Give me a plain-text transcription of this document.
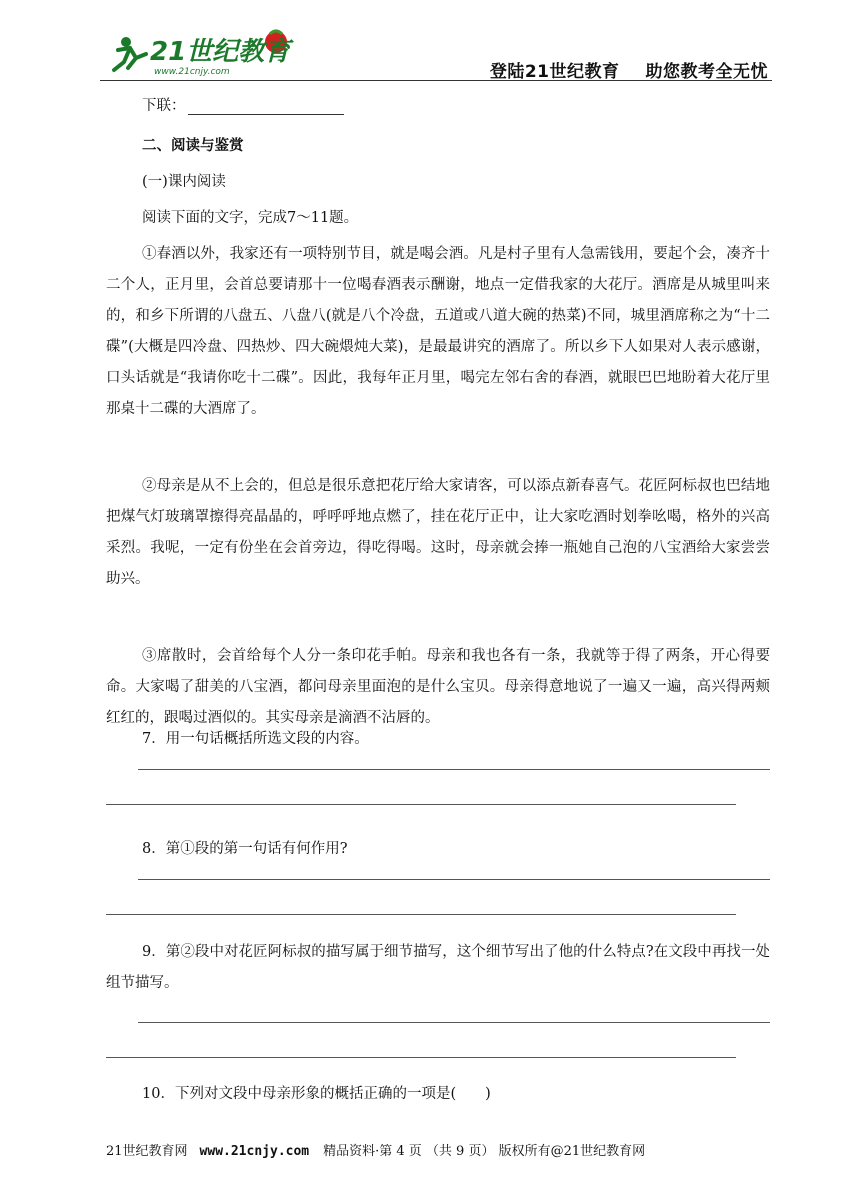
21世纪教育
www.21cnjy.com	登陆21世纪教育 助您教考全无忧
下联：
二、阅读与鉴赏
(一)课内阅读
阅读下面的文字，完成7～11题。
①春酒以外，我家还有一项特别节目，就是喝会酒。凡是村子里有人急需钱用，要起个会，凑齐十二个人，正月里，会首总要请那十一位喝春酒表示酬谢，地点一定借我家的大花厅。酒席是从城里叫来的，和乡下所谓的八盘五、八盘八(就是八个冷盘，五道或八道大碗的热菜)不同，城里酒席称之为“十二碟”(大概是四冷盘、四热炒、四大碗煨炖大菜)，是最最讲究的酒席了。所以乡下人如果对人表示感谢，口头话就是“我请你吃十二碟”。因此，我每年正月里，喝完左邻右舍的春酒，就眼巴巴地盼着大花厅里那桌十二碟的大酒席了。
②母亲是从不上会的，但总是很乐意把花厅给大家请客，可以添点新春喜气。花匠阿标叔也巴结地把煤气灯玻璃罩擦得亮晶晶的，呼呼呼地点燃了，挂在花厅正中，让大家吃酒时划拳吆喝，格外的兴高采烈。我呢，一定有份坐在会首旁边，得吃得喝。这时，母亲就会捧一瓶她自己泡的八宝酒给大家尝尝助兴。
③席散时，会首给每个人分一条印花手帕。母亲和我也各有一条，我就等于得了两条，开心得要命。大家喝了甜美的八宝酒，都问母亲里面泡的是什么宝贝。母亲得意地说了一遍又一遍，高兴得两颊红红的，跟喝过酒似的。其实母亲是滴酒不沾唇的。
7．用一句话概括所选文段的内容。
8．第①段的第一句话有何作用?
9．第②段中对花匠阿标叔的描写属于细节描写，这个细节写出了他的什么特点?在文段中再找一处组节描写。
10．下列对文段中母亲形象的概括正确的一项是(　　)
21世纪教育网 www.21cnjy.com 精品资料·第 4 页 （共 9 页） 版权所有@21世纪教育网
